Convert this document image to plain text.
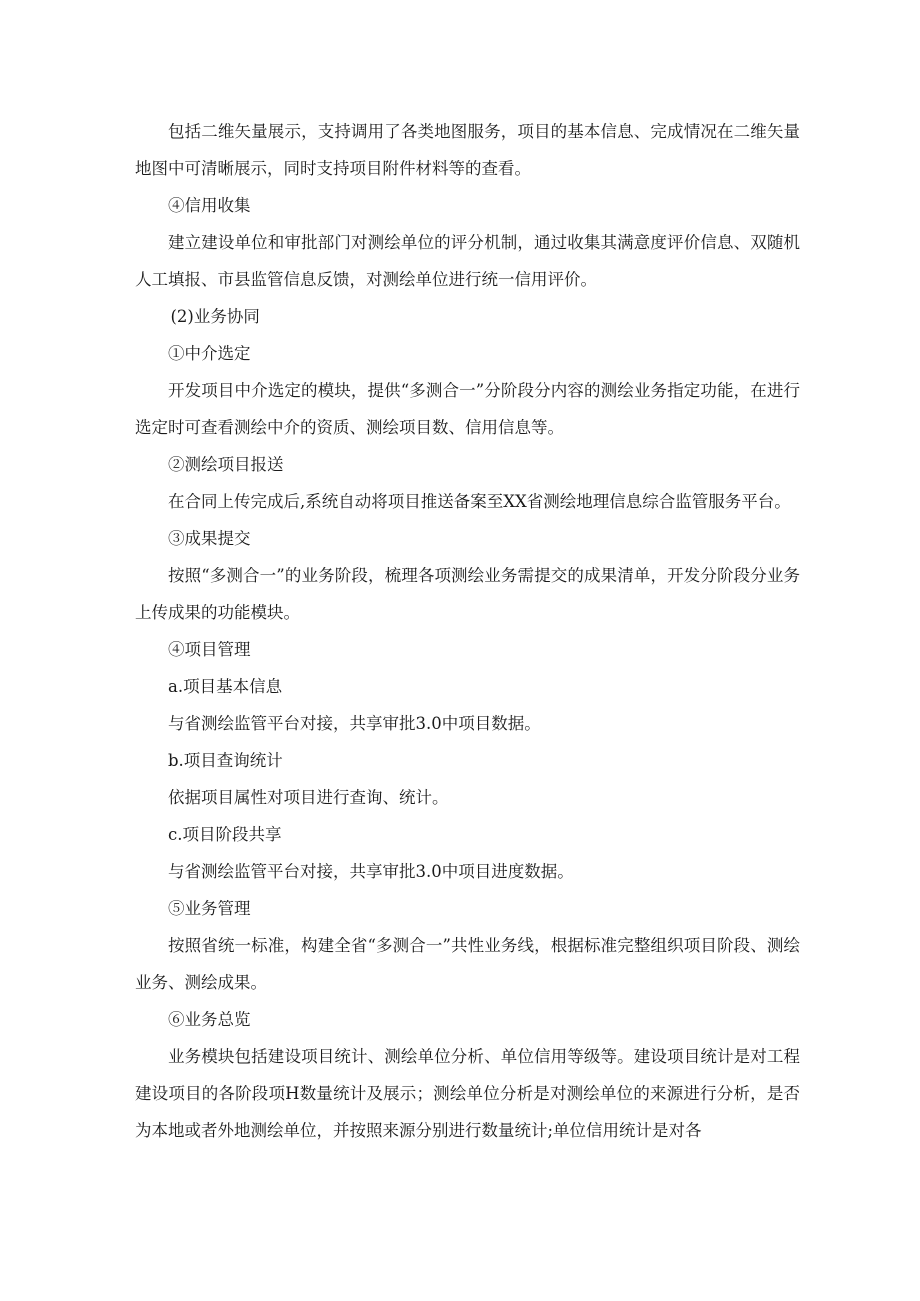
包括二维矢量展示，支持调用了各类地图服务，项目的基本信息、完成情况在二维矢量地图中可清晰展示，同时支持项目附件材料等的查看。

④信用收集

建立建设单位和审批部门对测绘单位的评分机制，通过收集其满意度评价信息、双随机人工填报、市县监管信息反馈，对测绘单位进行统一信用评价。

(2)业务协同

①中介选定

开发项目中介选定的模块，提供“多测合一”分阶段分内容的测绘业务指定功能，在进行选定时可查看测绘中介的资质、测绘项目数、信用信息等。

②测绘项目报送

在合同上传完成后,系统自动将项目推送备案至XX省测绘地理信息综合监管服务平台。

③成果提交

按照“多测合一”的业务阶段，梳理各项测绘业务需提交的成果清单，开发分阶段分业务上传成果的功能模块。

④项目管理

a.项目基本信息

与省测绘监管平台对接，共享审批3.0中项目数据。

b.项目查询统计

依据项目属性对项目进行查询、统计。

c.项目阶段共享

与省测绘监管平台对接，共享审批3.0中项目进度数据。

⑤业务管理

按照省统一标准，构建全省“多测合一”共性业务线，根据标准完整组织项目阶段、测绘业务、测绘成果。

⑥业务总览

业务模块包括建设项目统计、测绘单位分析、单位信用等级等。建设项目统计是对工程建设项目的各阶段项H数量统计及展示；测绘单位分析是对测绘单位的来源进行分析，是否为本地或者外地测绘单位，并按照来源分别进行数量统计;单位信用统计是对各
